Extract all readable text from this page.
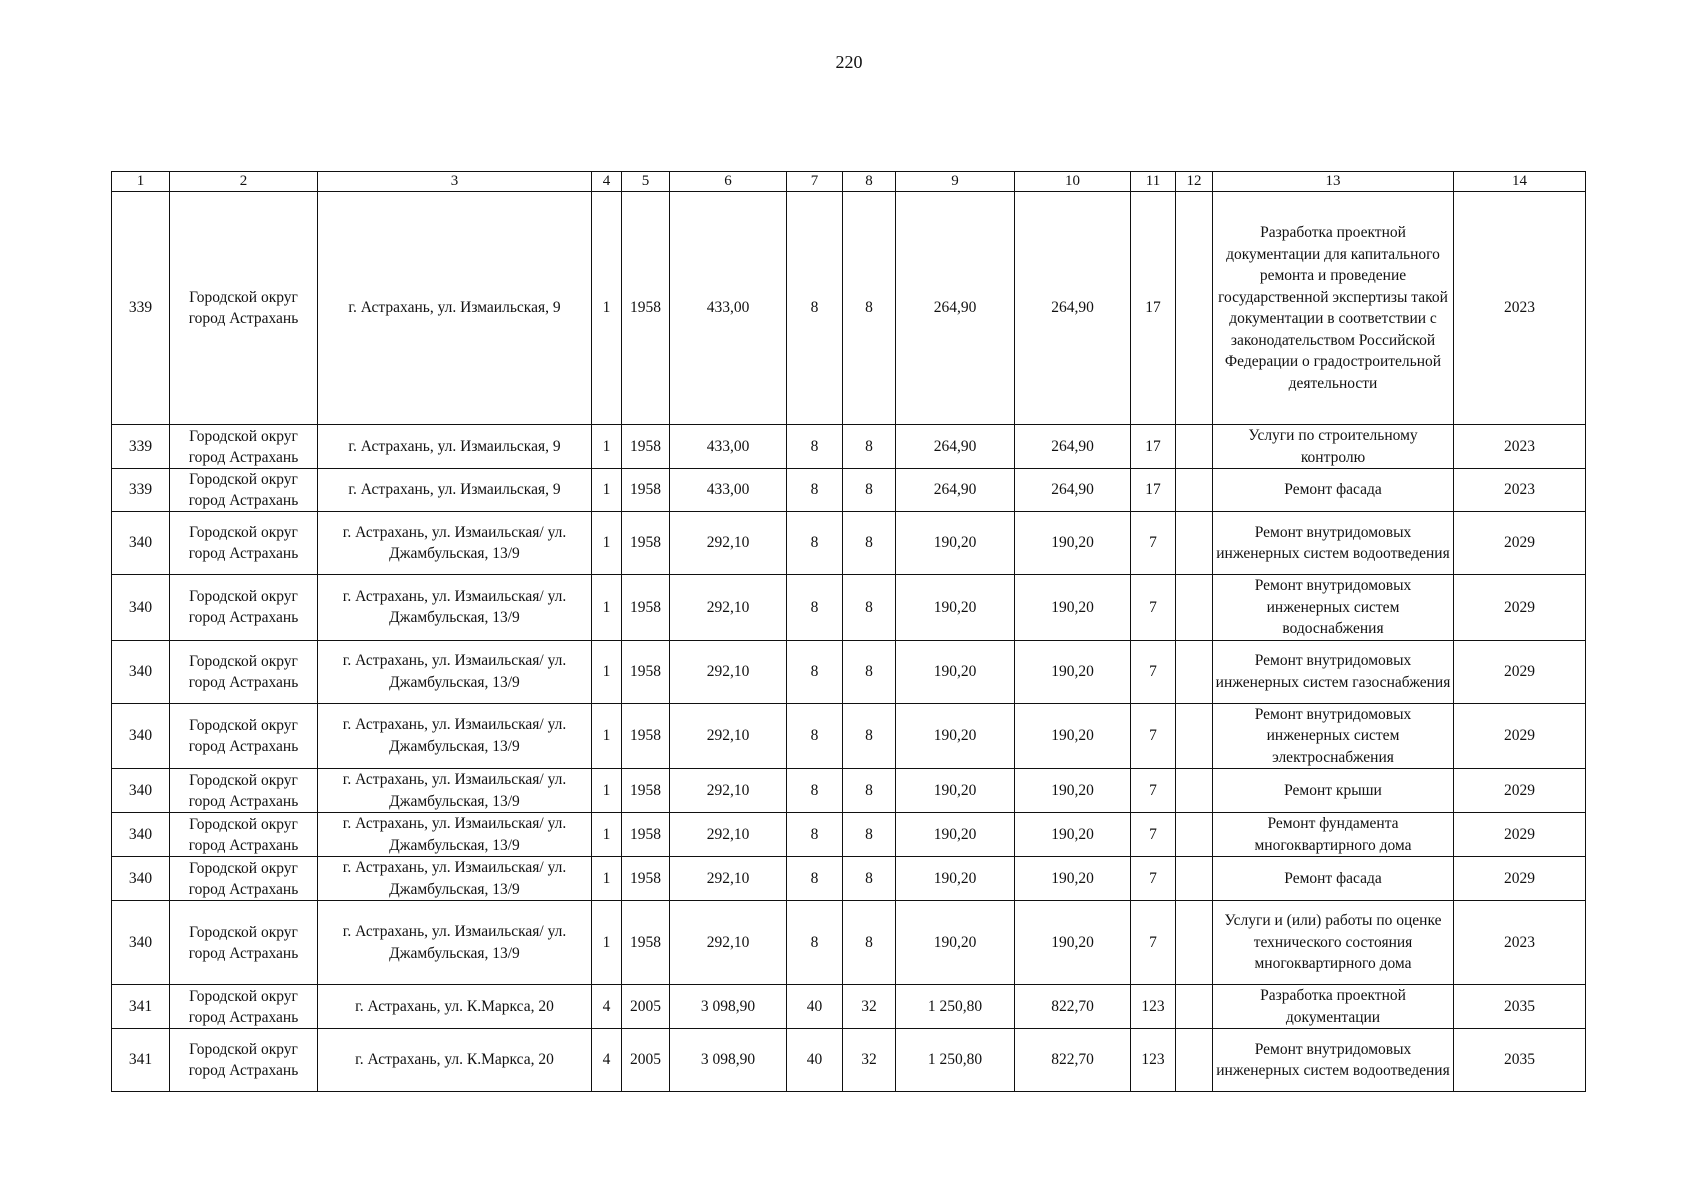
220
1	2	3	4	5	6	7	8	9	10	11	12	13	14
339	Городской округ город Астрахань	г. Астрахань, ул. Измаильская, 9	1	1958	433,00	8	8	264,90	264,90	17		Разработка проектной документации для капитального ремонта и проведение государственной экспертизы такой документации в соответствии с законодательством Российской Федерации о градостроительной деятельности	2023
339	Городской округ город Астрахань	г. Астрахань, ул. Измаильская, 9	1	1958	433,00	8	8	264,90	264,90	17		Услуги по строительному контролю	2023
339	Городской округ город Астрахань	г. Астрахань, ул. Измаильская, 9	1	1958	433,00	8	8	264,90	264,90	17		Ремонт фасада	2023
340	Городской округ город Астрахань	г. Астрахань, ул. Измаильская/ ул. Джамбульская, 13/9	1	1958	292,10	8	8	190,20	190,20	7		Ремонт внутридомовых инженерных систем водоотведения	2029
340	Городской округ город Астрахань	г. Астрахань, ул. Измаильская/ ул. Джамбульская, 13/9	1	1958	292,10	8	8	190,20	190,20	7		Ремонт внутридомовых инженерных систем водоснабжения	2029
340	Городской округ город Астрахань	г. Астрахань, ул. Измаильская/ ул. Джамбульская, 13/9	1	1958	292,10	8	8	190,20	190,20	7		Ремонт внутридомовых инженерных систем газоснабжения	2029
340	Городской округ город Астрахань	г. Астрахань, ул. Измаильская/ ул. Джамбульская, 13/9	1	1958	292,10	8	8	190,20	190,20	7		Ремонт внутридомовых инженерных систем электроснабжения	2029
340	Городской округ город Астрахань	г. Астрахань, ул. Измаильская/ ул. Джамбульская, 13/9	1	1958	292,10	8	8	190,20	190,20	7		Ремонт крыши	2029
340	Городской округ город Астрахань	г. Астрахань, ул. Измаильская/ ул. Джамбульская, 13/9	1	1958	292,10	8	8	190,20	190,20	7		Ремонт фундамента многоквартирного дома	2029
340	Городской округ город Астрахань	г. Астрахань, ул. Измаильская/ ул. Джамбульская, 13/9	1	1958	292,10	8	8	190,20	190,20	7		Ремонт фасада	2029
340	Городской округ город Астрахань	г. Астрахань, ул. Измаильская/ ул. Джамбульская, 13/9	1	1958	292,10	8	8	190,20	190,20	7		Услуги и (или) работы по оценке технического состояния многоквартирного дома	2023
341	Городской округ город Астрахань	г. Астрахань, ул. К.Маркса, 20	4	2005	3 098,90	40	32	1 250,80	822,70	123		Разработка проектной документации	2035
341	Городской округ город Астрахань	г. Астрахань, ул. К.Маркса, 20	4	2005	3 098,90	40	32	1 250,80	822,70	123		Ремонт внутридомовых инженерных систем водоотведения	2035
